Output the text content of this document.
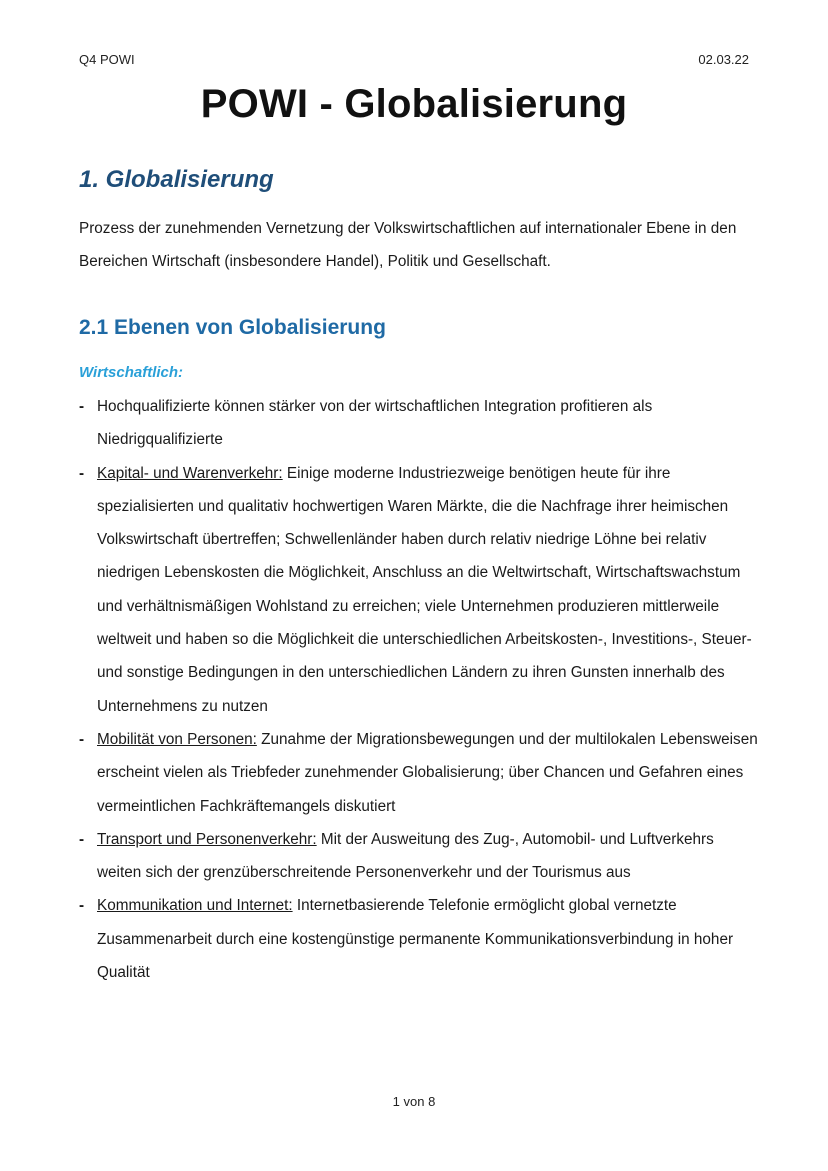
Q4 POWI	02.03.22
POWI - Globalisierung
1. Globalisierung
Prozess der zunehmenden Vernetzung der Volkswirtschaftlichen auf internationaler Ebene in den Bereichen Wirtschaft (insbesondere Handel), Politik und Gesellschaft.
2.1 Ebenen von Globalisierung
Wirtschaftlich:
- Hochqualifizierte können stärker von der wirtschaftlichen Integration profitieren als Niedrigqualifizierte
- Kapital- und Warenverkehr: Einige moderne Industriezweige benötigen heute für ihre spezialisierten und qualitativ hochwertigen Waren Märkte, die die Nachfrage ihrer heimischen Volkswirtschaft übertreffen; Schwellenländer haben durch relativ niedrige Löhne bei relativ niedrigen Lebenskosten die Möglichkeit, Anschluss an die Weltwirtschaft, Wirtschaftswachstum und verhältnismäßigen Wohlstand zu erreichen; viele Unternehmen produzieren mittlerweile weltweit und haben so die Möglichkeit die unterschiedlichen Arbeitskosten-, Investitions-, Steuer- und sonstige Bedingungen in den unterschiedlichen Ländern zu ihren Gunsten innerhalb des Unternehmens zu nutzen
- Mobilität von Personen: Zunahme der Migrationsbewegungen und der multilokalen Lebensweisen erscheint vielen als Triebfeder zunehmender Globalisierung; über Chancen und Gefahren eines vermeintlichen Fachkräftemangels diskutiert
- Transport und Personenverkehr: Mit der Ausweitung des Zug-, Automobil- und Luftverkehrs weiten sich der grenzüberschreitende Personenverkehr und der Tourismus aus
- Kommunikation und Internet: Internetbasierende Telefonie ermöglicht global vernetzte Zusammenarbeit durch eine kostengünstige permanente Kommunikationsverbindung in hoher Qualität
1 von 8
